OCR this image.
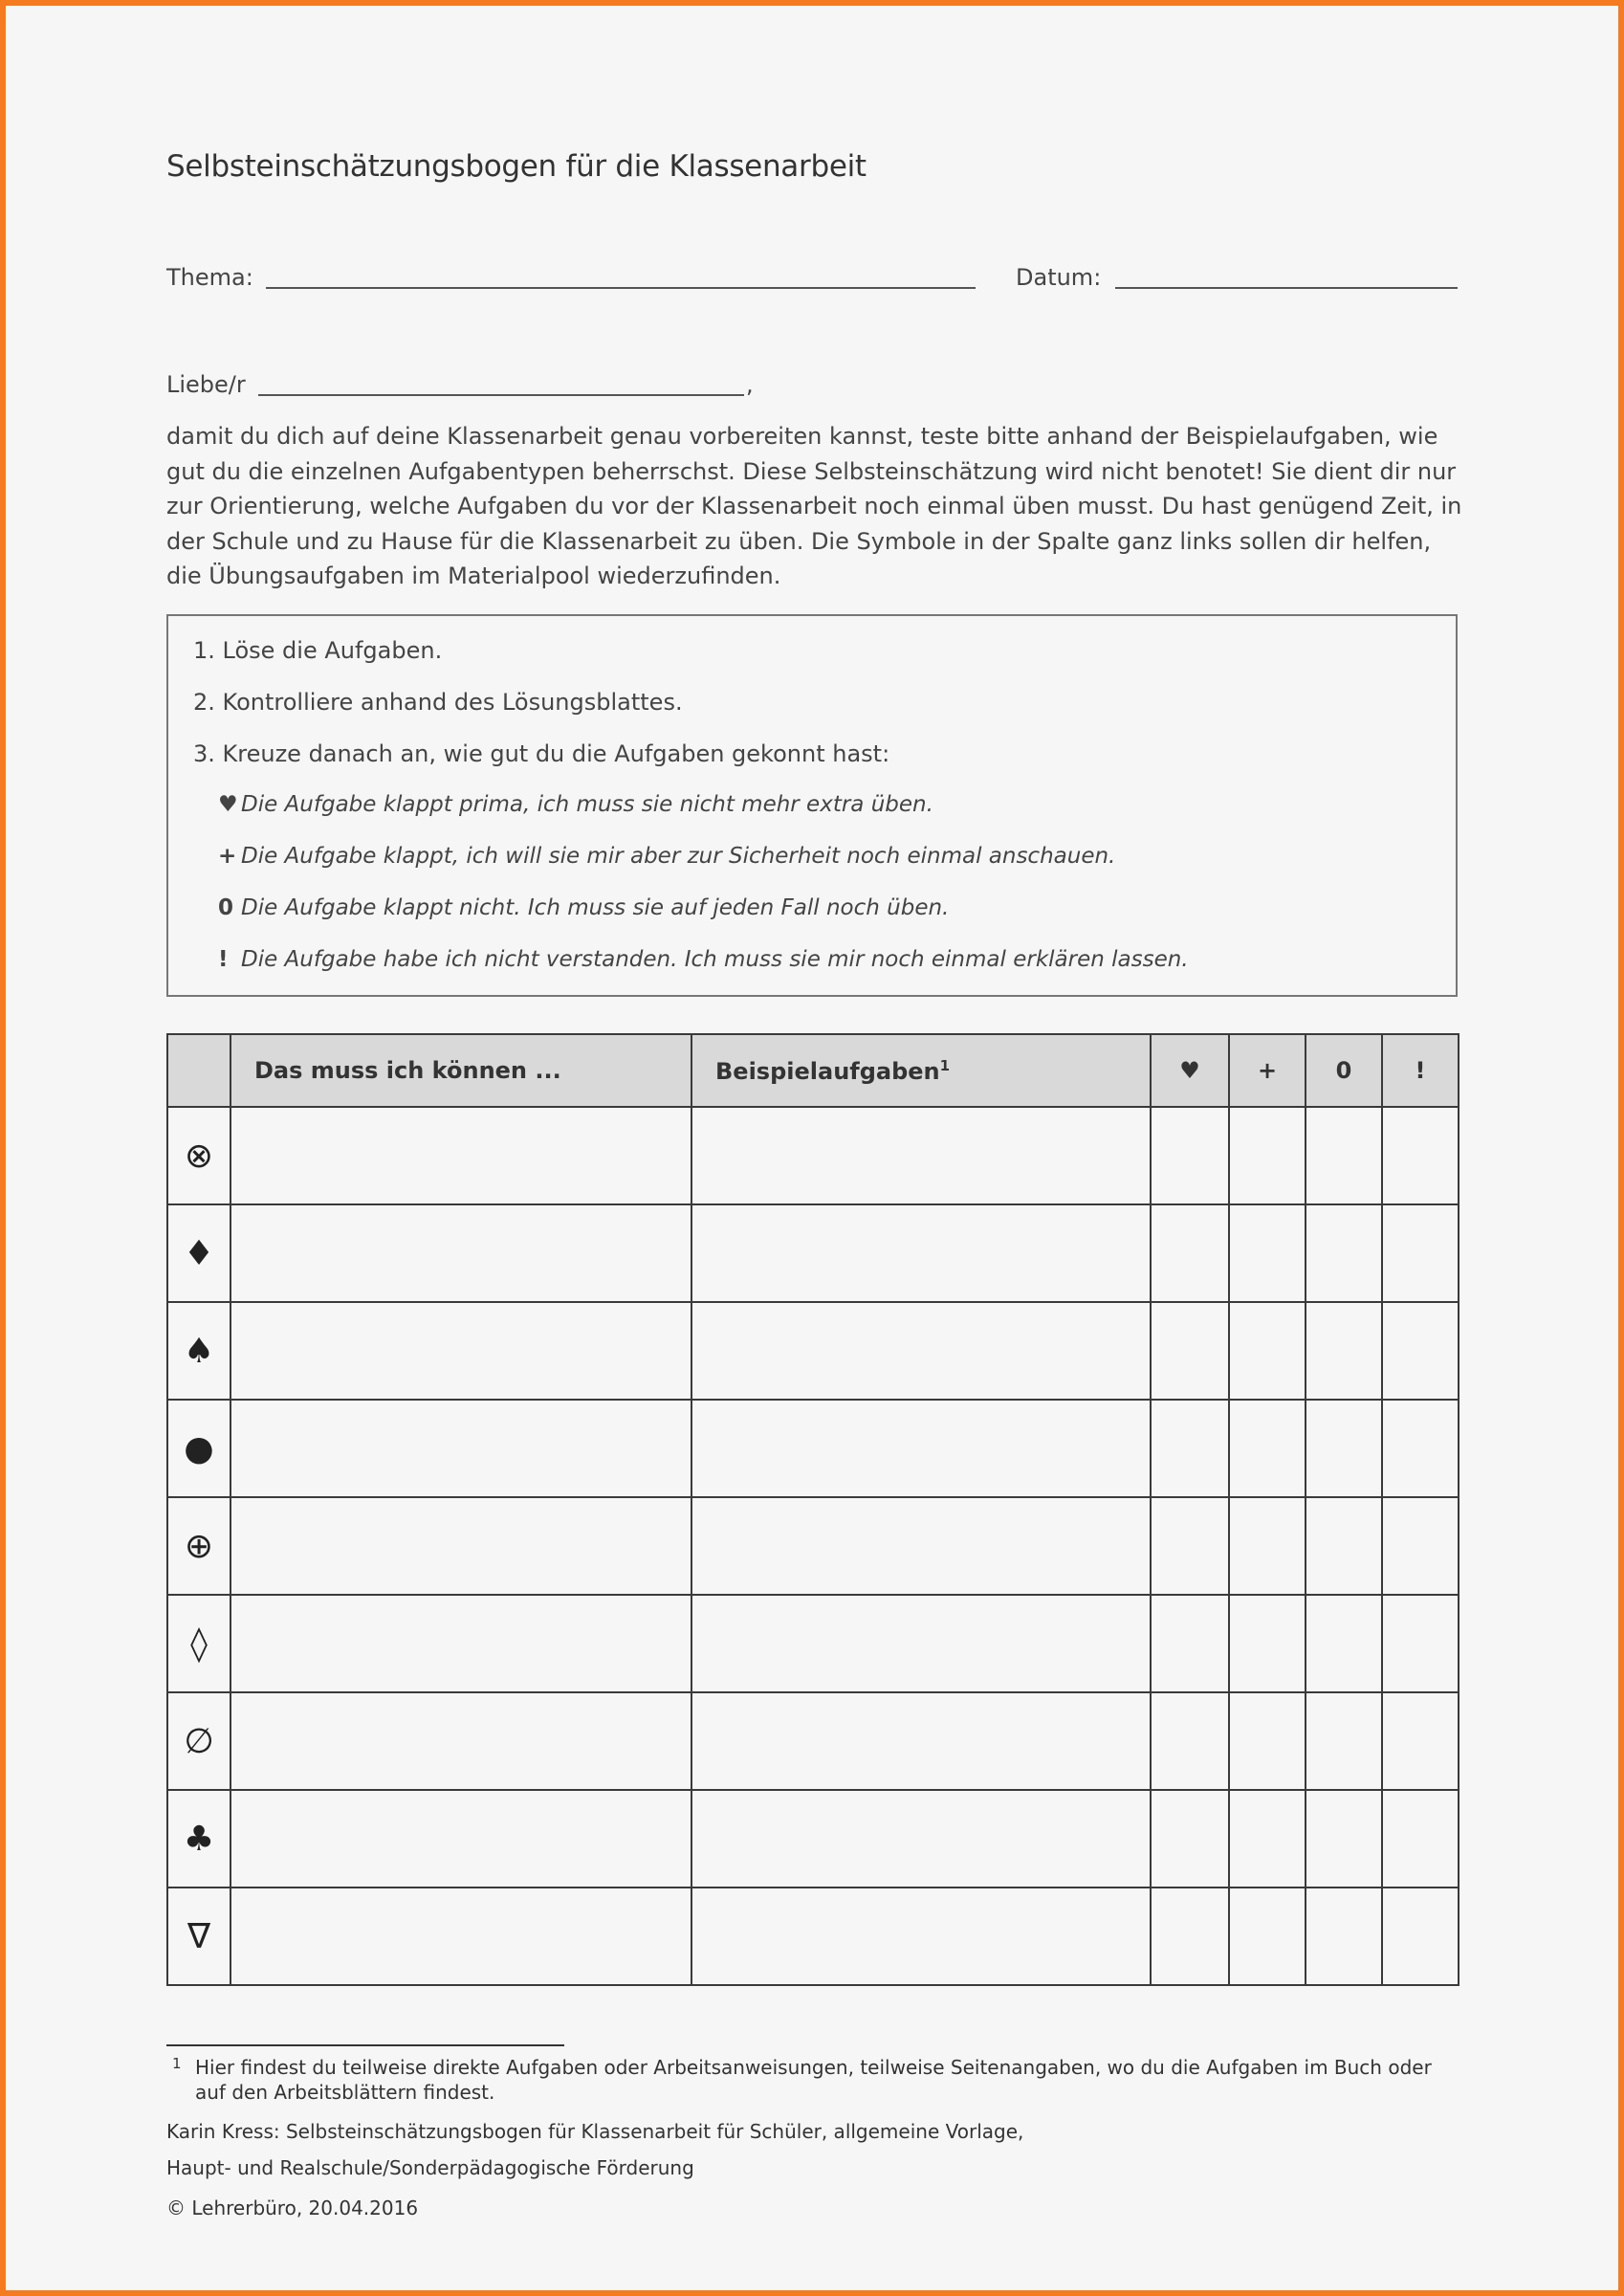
Selbsteinschätzungsbogen für die Klassenarbeit
Thema:	Datum:
Liebe/r	,
damit du dich auf deine Klassenarbeit genau vorbereiten kannst, teste bitte anhand der Beispielaufgaben, wie gut du die einzelnen Aufgabentypen beherrschst. Diese Selbsteinschätzung wird nicht benotet! Sie dient dir nur zur Orientierung, welche Aufgaben du vor der Klassenarbeit noch einmal üben musst. Du hast genügend Zeit, in der Schule und zu Hause für die Klassenarbeit zu üben. Die Symbole in der Spalte ganz links sollen dir helfen, die Übungsaufgaben im Materialpool wiederzufinden.
1. Löse die Aufgaben.
2. Kontrolliere anhand des Lösungsblattes.
3. Kreuze danach an, wie gut du die Aufgaben gekonnt hast:
♥ Die Aufgabe klappt prima, ich muss sie nicht mehr extra üben.
+ Die Aufgabe klappt, ich will sie mir aber zur Sicherheit noch einmal anschauen.
0 Die Aufgabe klappt nicht. Ich muss sie auf jeden Fall noch üben.
! Die Aufgabe habe ich nicht verstanden. Ich muss sie mir noch einmal erklären lassen.
	Das muss ich können ...	Beispielaufgaben$^1$	♥	+	0	!
⊗						
♦						
♠						
●						
⊕						
◊						
∅						
♣						
∇						
1 Hier findest du teilweise direkte Aufgaben oder Arbeitsanweisungen, teilweise Seitenangaben, wo du die Aufgaben im Buch oder auf den Arbeitsblättern findest.
Karin Kress: Selbsteinschätzungsbogen für Klassenarbeit für Schüler, allgemeine Vorlage,
Haupt- und Realschule/Sonderpädagogische Förderung
© Lehrerbüro, 20.04.2016
